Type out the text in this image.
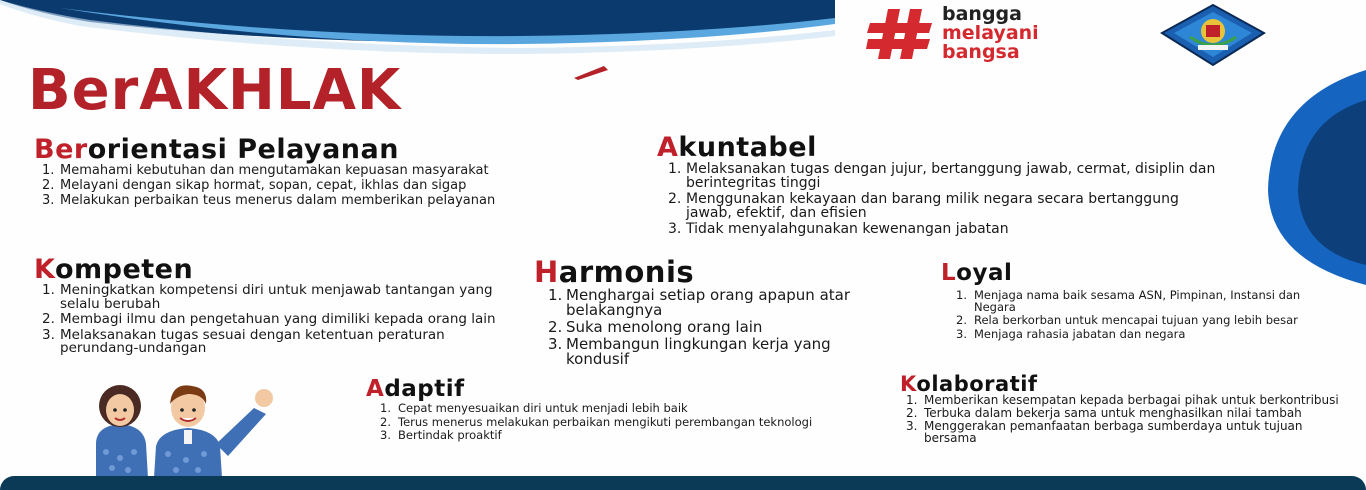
bangga
melayani
bangsa
BerAKHLAK
Berorientasi Pelayanan
1. Memahami kebutuhan dan mengutamakan kepuasan masyarakat
2. Melayani dengan sikap hormat, sopan, cepat, ikhlas dan sigap
3. Melakukan perbaikan teus menerus dalam memberikan pelayanan
Akuntabel
1. Melaksanakan tugas dengan jujur, bertanggung jawab, cermat, disiplin dan berintegritas tinggi
2. Menggunakan kekayaan dan barang milik negara secara bertanggung jawab, efektif, dan efisien
3. Tidak menyalahgunakan kewenangan jabatan
Kompeten
1. Meningkatkan kompetensi diri untuk menjawab tantangan yang selalu berubah
2. Membagi ilmu dan pengetahuan yang dimiliki kepada orang lain
3. Melaksanakan tugas sesuai dengan ketentuan peraturan perundang-undangan
Harmonis
1. Menghargai setiap orang apapun atar belakangnya
2. Suka menolong orang lain
3. Membangun lingkungan kerja yang kondusif
Loyal
1. Menjaga nama baik sesama ASN, Pimpinan, Instansi dan Negara
2. Rela berkorban untuk mencapai tujuan yang lebih besar
3. Menjaga rahasia jabatan dan negara
Adaptif
1. Cepat menyesuaikan diri untuk menjadi lebih baik
2. Terus menerus melakukan perbaikan mengikuti perembangan teknologi
3. Bertindak proaktif
Kolaboratif
1. Memberikan kesempatan kepada berbagai pihak untuk berkontribusi
2. Terbuka dalam bekerja sama untuk menghasilkan nilai tambah
3. Menggerakan pemanfaatan berbaga sumberdaya untuk tujuan bersama
